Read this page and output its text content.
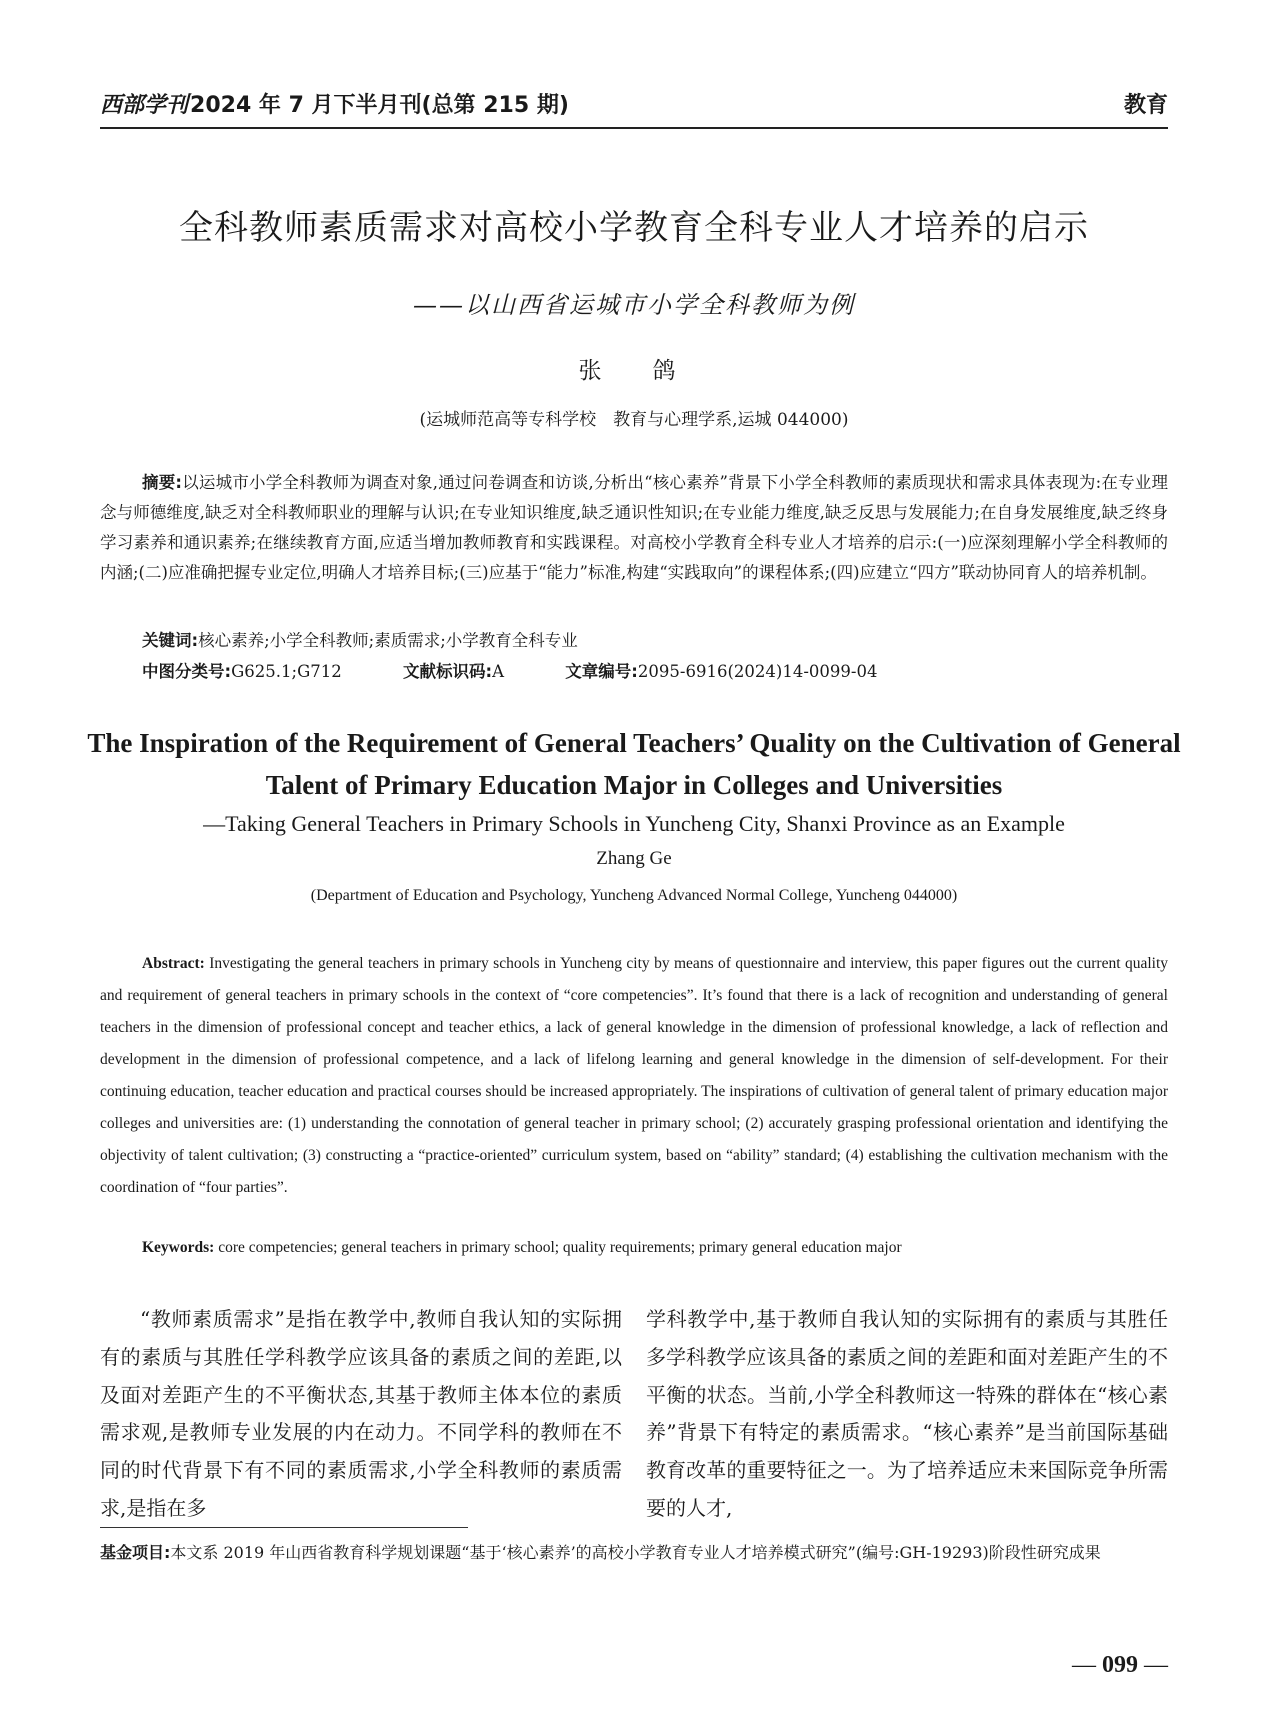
西部学刊2024 年 7 月下半月刊(总第 215 期)	教育
全科教师素质需求对高校小学教育全科专业人才培养的启示
——以山西省运城市小学全科教师为例
张　鸽
(运城师范高等专科学校　教育与心理学系,运城 044000)

摘要:以运城市小学全科教师为调查对象,通过问卷调查和访谈,分析出“核心素养”背景下小学全科教师的素质现状和需求具体表现为:在专业理念与师德维度,缺乏对全科教师职业的理解与认识;在专业知识维度,缺乏通识性知识;在专业能力维度,缺乏反思与发展能力;在自身发展维度,缺乏终身学习素养和通识素养;在继续教育方面,应适当增加教师教育和实践课程。对高校小学教育全科专业人才培养的启示:(一)应深刻理解小学全科教师的内涵;(二)应准确把握专业定位,明确人才培养目标;(三)应基于“能力”标准,构建“实践取向”的课程体系;(四)应建立“四方”联动协同育人的培养机制。

关键词:核心素养;小学全科教师;素质需求;小学教育全科专业
中图分类号:G625.1;G712	文献标识码:A	文章编号:2095-6916(2024)14-0099-04
The Inspiration of the Requirement of General Teachers’ Quality on the Cultivation of General Talent of Primary Education Major in Colleges and Universities
—Taking General Teachers in Primary Schools in Yuncheng City, Shanxi Province as an Example
Zhang Ge
(Department of Education and Psychology, Yuncheng Advanced Normal College, Yuncheng 044000)

Abstract: Investigating the general teachers in primary schools in Yuncheng city by means of questionnaire and interview, this paper figures out the current quality and requirement of general teachers in primary schools in the context of “core competencies”. It’s found that there is a lack of recognition and understanding of general teachers in the dimension of professional concept and teacher ethics, a lack of general knowledge in the dimension of professional knowledge, a lack of reflection and development in the dimension of professional competence, and a lack of lifelong learning and general knowledge in the dimension of self-development. For their continuing education, teacher education and practical courses should be increased appropriately. The inspirations of cultivation of general talent of primary education major colleges and universities are: (1) understanding the connotation of general teacher in primary school; (2) accurately grasping professional orientation and identifying the objectivity of talent cultivation; (3) constructing a “practice-oriented” curriculum system, based on “ability” standard; (4) establishing the cultivation mechanism with the coordination of “four parties”.

Keywords: core competencies; general teachers in primary school; quality requirements; primary general education major

“教师素质需求”是指在教学中,教师自我认知的实际拥有的素质与其胜任学科教学应该具备的素质之间的差距,以及面对差距产生的不平衡状态,其基于教师主体本位的素质需求观,是教师专业发展的内在动力。不同学科的教师在不同的时代背景下有不同的素质需求,小学全科教师的素质需求,是指在多

学科教学中,基于教师自我认知的实际拥有的素质与其胜任多学科教学应该具备的素质之间的差距和面对差距产生的不平衡的状态。当前,小学全科教师这一特殊的群体在“核心素养”背景下有特定的素质需求。“核心素养”是当前国际基础教育改革的重要特征之一。为了培养适应未来国际竞争所需要的人才,

基金项目:本文系 2019 年山西省教育科学规划课题“基于‘核心素养’的高校小学教育专业人才培养模式研究”(编号:GH-19293)阶段性研究成果
— 099 —
